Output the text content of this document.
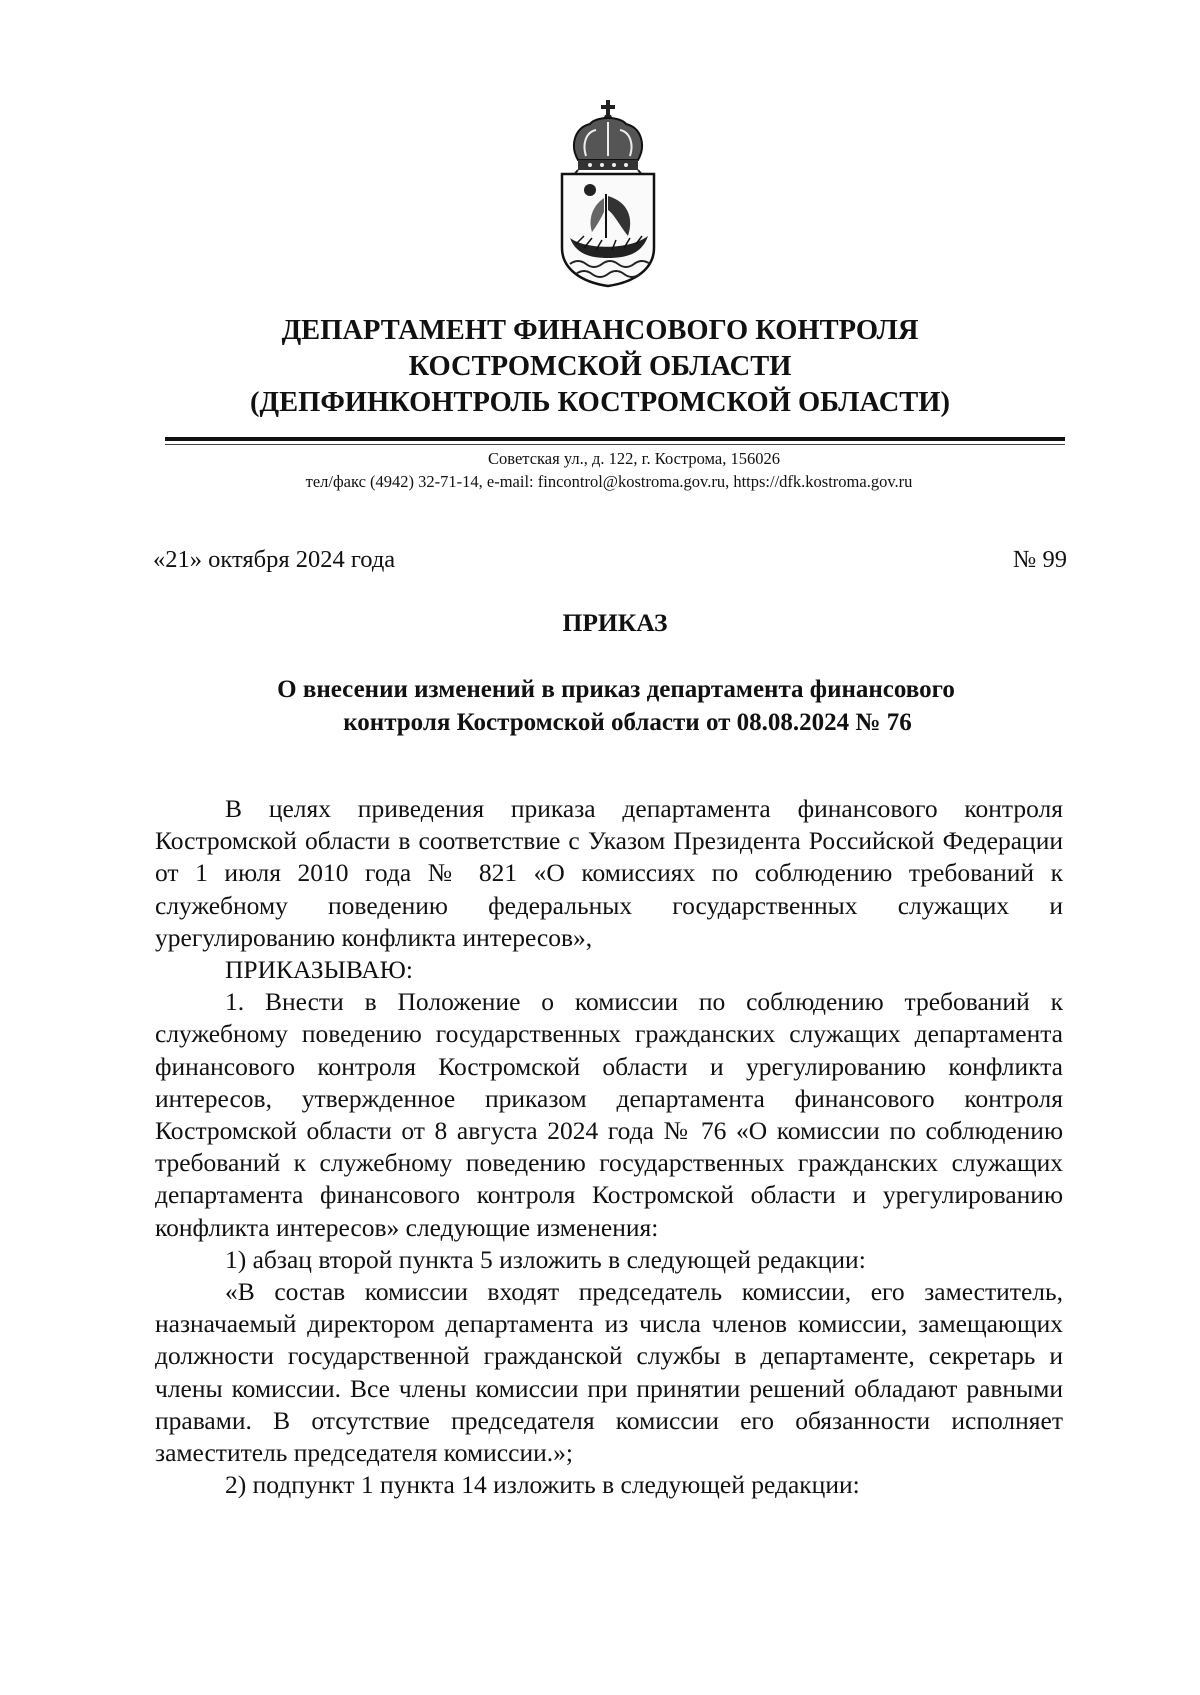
ДЕПАРТАМЕНТ ФИНАНСОВОГО КОНТРОЛЯ
КОСТРОМСКОЙ ОБЛАСТИ
(ДЕПФИНКОНТРОЛЬ КОСТРОМСКОЙ ОБЛАСТИ)
Советская ул., д. 122, г. Кострома, 156026
тел/факс (4942) 32-71-14, e-mail: fincontrol@kostroma.gov.ru, https://dfk.kostroma.gov.ru
«21» октября 2024 года	№ 99
ПРИКАЗ
О внесении изменений в приказ департамента финансового
контроля Костромской области от 08.08.2024 № 76

В целях приведения приказа департамента финансового контроля Костромской области в соответствие с Указом Президента Российской Федерации от 1 июля 2010 года № 821 «О комиссиях по соблюдению требований к служебному поведению федеральных государственных служащих и урегулированию конфликта интересов»,

ПРИКАЗЫВАЮ:

1. Внести в Положение о комиссии по соблюдению требований к служебному поведению государственных гражданских служащих департамента финансового контроля Костромской области и урегулированию конфликта интересов, утвержденное приказом департамента финансового контроля Костромской области от 8 августа 2024 года № 76 «О комиссии по соблюдению требований к служебному поведению государственных гражданских служащих департамента финансового контроля Костромской области и урегулированию конфликта интересов» следующие изменения:

1) абзац второй пункта 5 изложить в следующей редакции:

«В состав комиссии входят председатель комиссии, его заместитель, назначаемый директором департамента из числа членов комиссии, замещающих должности государственной гражданской службы в департаменте, секретарь и члены комиссии. Все члены комиссии при принятии решений обладают равными правами. В отсутствие председателя комиссии его обязанности исполняет заместитель председателя комиссии.»;

2) подпункт 1 пункта 14 изложить в следующей редакции:
